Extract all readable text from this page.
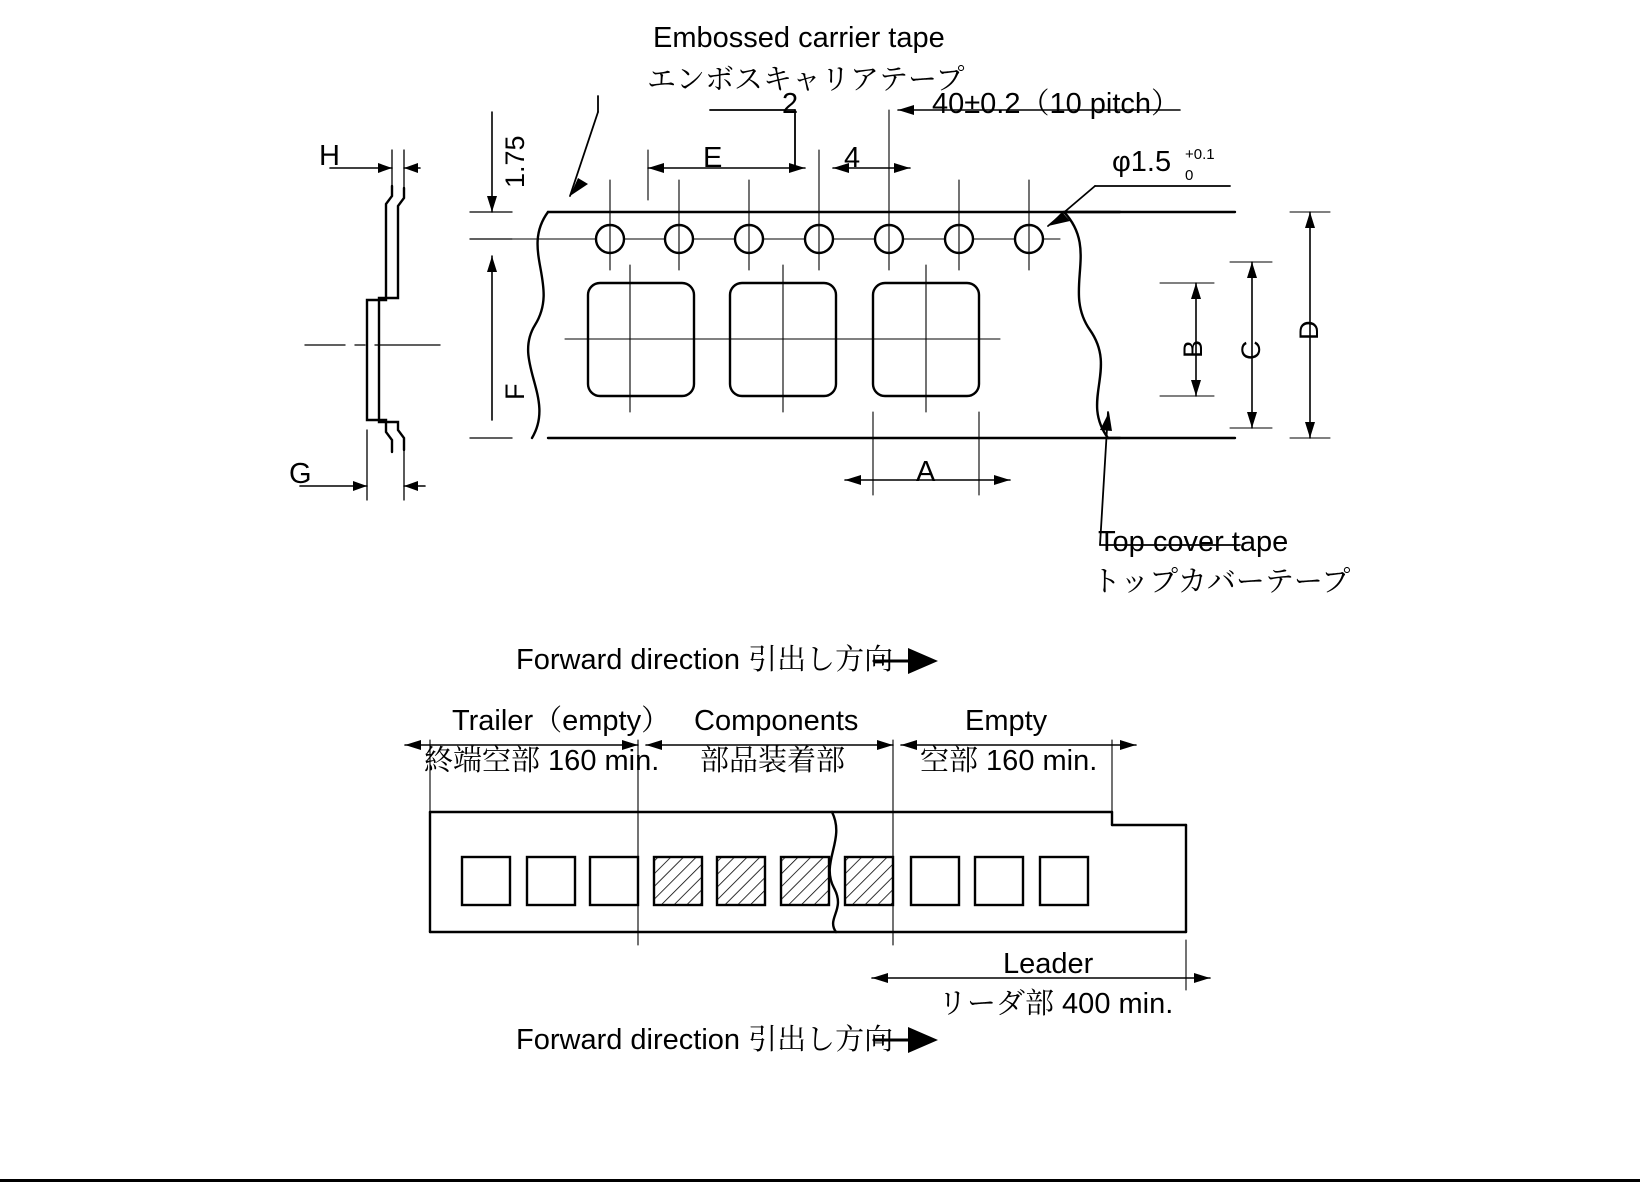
Embossed carrier tape
エンボスキャリアテープ
2	40±0.2（10 pitch）
φ1.5 +0.1
0
E	4
1.75
F
B C
D
A
H
G
Top cover tape
トップカバーテープ
Forward direction 引出し方向
Trailer（empty）
終端空部 160 min.
Components
部品装着部
Empty
空部 160 min.
Leader
リーダ部 400 min.
Forward direction 引出し方向
